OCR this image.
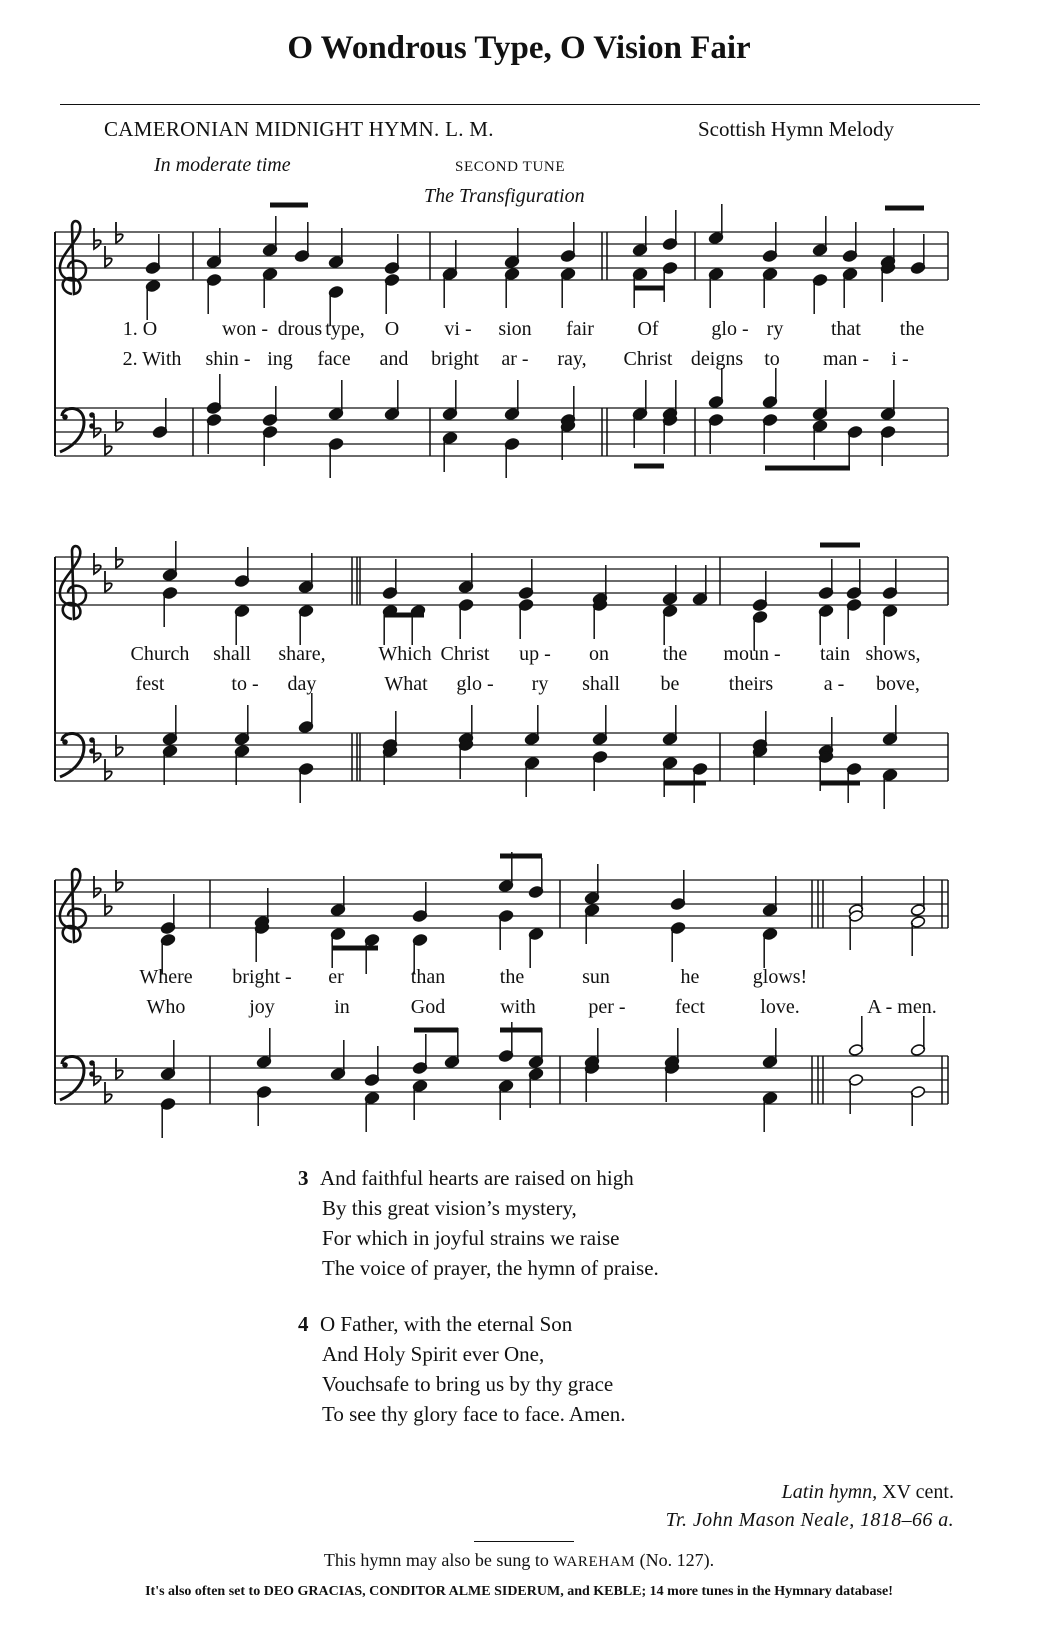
O Wondrous Type, O Vision Fair
CAMERONIAN MIDNIGHT HYMN. L. M.	Scottish Hymn Melody
In moderate time	SECOND TUNE
The Transfiguration
1. O	won - drous type, O vi - sion fair Of	glo - ry that the
2. With shin - ing face and bright ar - ray, Christ deigns to man - i -
Church shall share,	Which Christ up - on	the moun - tain shows,
fest	to - day	What glo - ry shall be theirs	a - bove,
Where bright - er	than	the	sun	he	glows!
Who	joy	in	God	with	per - fect	love.	A - men.
3 And faithful hearts are raised on high
By this great vision’s mystery,
For which in joyful strains we raise
The voice of prayer, the hymn of praise.
4 O Father, with the eternal Son
And Holy Spirit ever One,
Vouchsafe to bring us by thy grace
To see thy glory face to face. Amen.
Latin hymn, XV cent.
Tr. John Mason Neale, 1818–66 a.
This hymn may also be sung to WAREHAM (No. 127).
It's also often set to DEO GRACIAS, CONDITOR ALME SIDERUM, and KEBLE; 14 more tunes in the Hymnary database!
